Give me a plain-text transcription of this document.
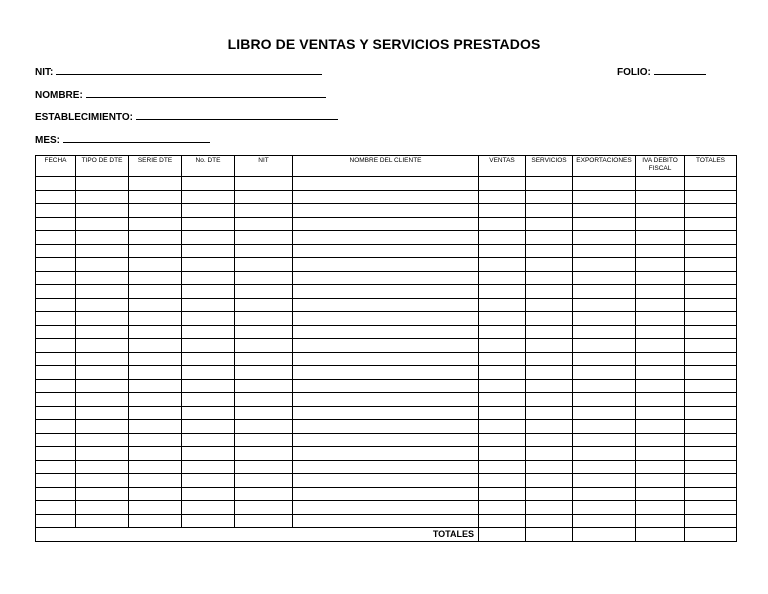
LIBRO DE VENTAS Y SERVICIOS PRESTADOS
NIT:	FOLIO:
NOMBRE:
ESTABLECIMIENTO:
MES:
FECHA	TIPO DE DTE	SERIE DTE	No. DTE	NIT	NOMBRE DEL CLIENTE	VENTAS	SERVICIOS	EXPORTACIONES	IVA DEBITO FISCAL	TOTALES

TOTALES										
